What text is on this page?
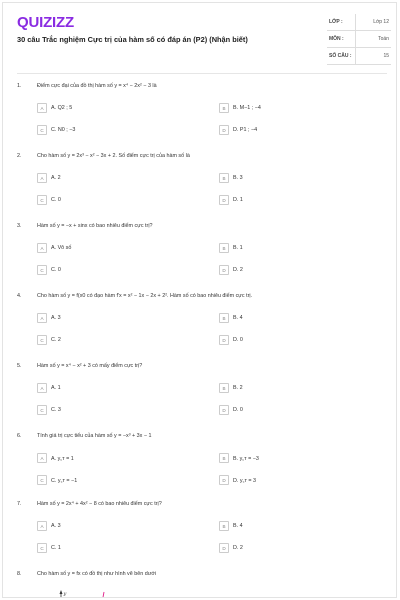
QUIZIZZ
30 câu Trắc nghiệm Cực trị của hàm số có đáp án (P2) (Nhận biết)
LỚP :	Lớp 12
MÔN :	Toán
SỐ CÂU :	15
1.	Điểm cực đại của đồ thị hàm số y = x⁴ − 2x² − 3 là
A	A. Q2 ; 5	B	B. M−1 ; −4
C	C. N0 ; −3	D	D. P1 ; −4
2.	Cho hàm số y = 2x³ − x² − 3x + 2. Số điểm cực trị của hàm số là
A	A. 2	B	B. 3
C	C. 0	D	D. 1
3.	Hàm số y = −x + sinx có bao nhiêu điểm cực trị?
A	A. Vô số	B	B. 1
C	C. 0	D	D. 2
4.	Cho hàm số y = f(x0 có đạo hàm f′x = x² − 1x − 2x + 2². Hàm số có bao nhiêu điểm cực trị.
A	A. 3	B	B. 4
C	C. 2	D	D. 0
5.	Hàm số y = x⁴ − x² + 3 có mấy điểm cực trị?
A	A. 1	B	B. 2
C	C. 3	D	D. 0
6.	Tính giá trị cực tiểu của hàm số y = −x³ + 3x − 1
A	A. y꜀ᴛ = 1	B	B. y꜀ᴛ = −3
C	C. y꜀ᴛ = −1	D	D. y꜀ᴛ = 3
7.	Hàm số y = 2x⁴ + 4x² − 8 có bao nhiêu điểm cực trị?
A	A. 3	B	B. 4
C	C. 1	D	D. 2
8.	Cho hàm số y = fx có đồ thị như hình vẽ bên dưới
y
